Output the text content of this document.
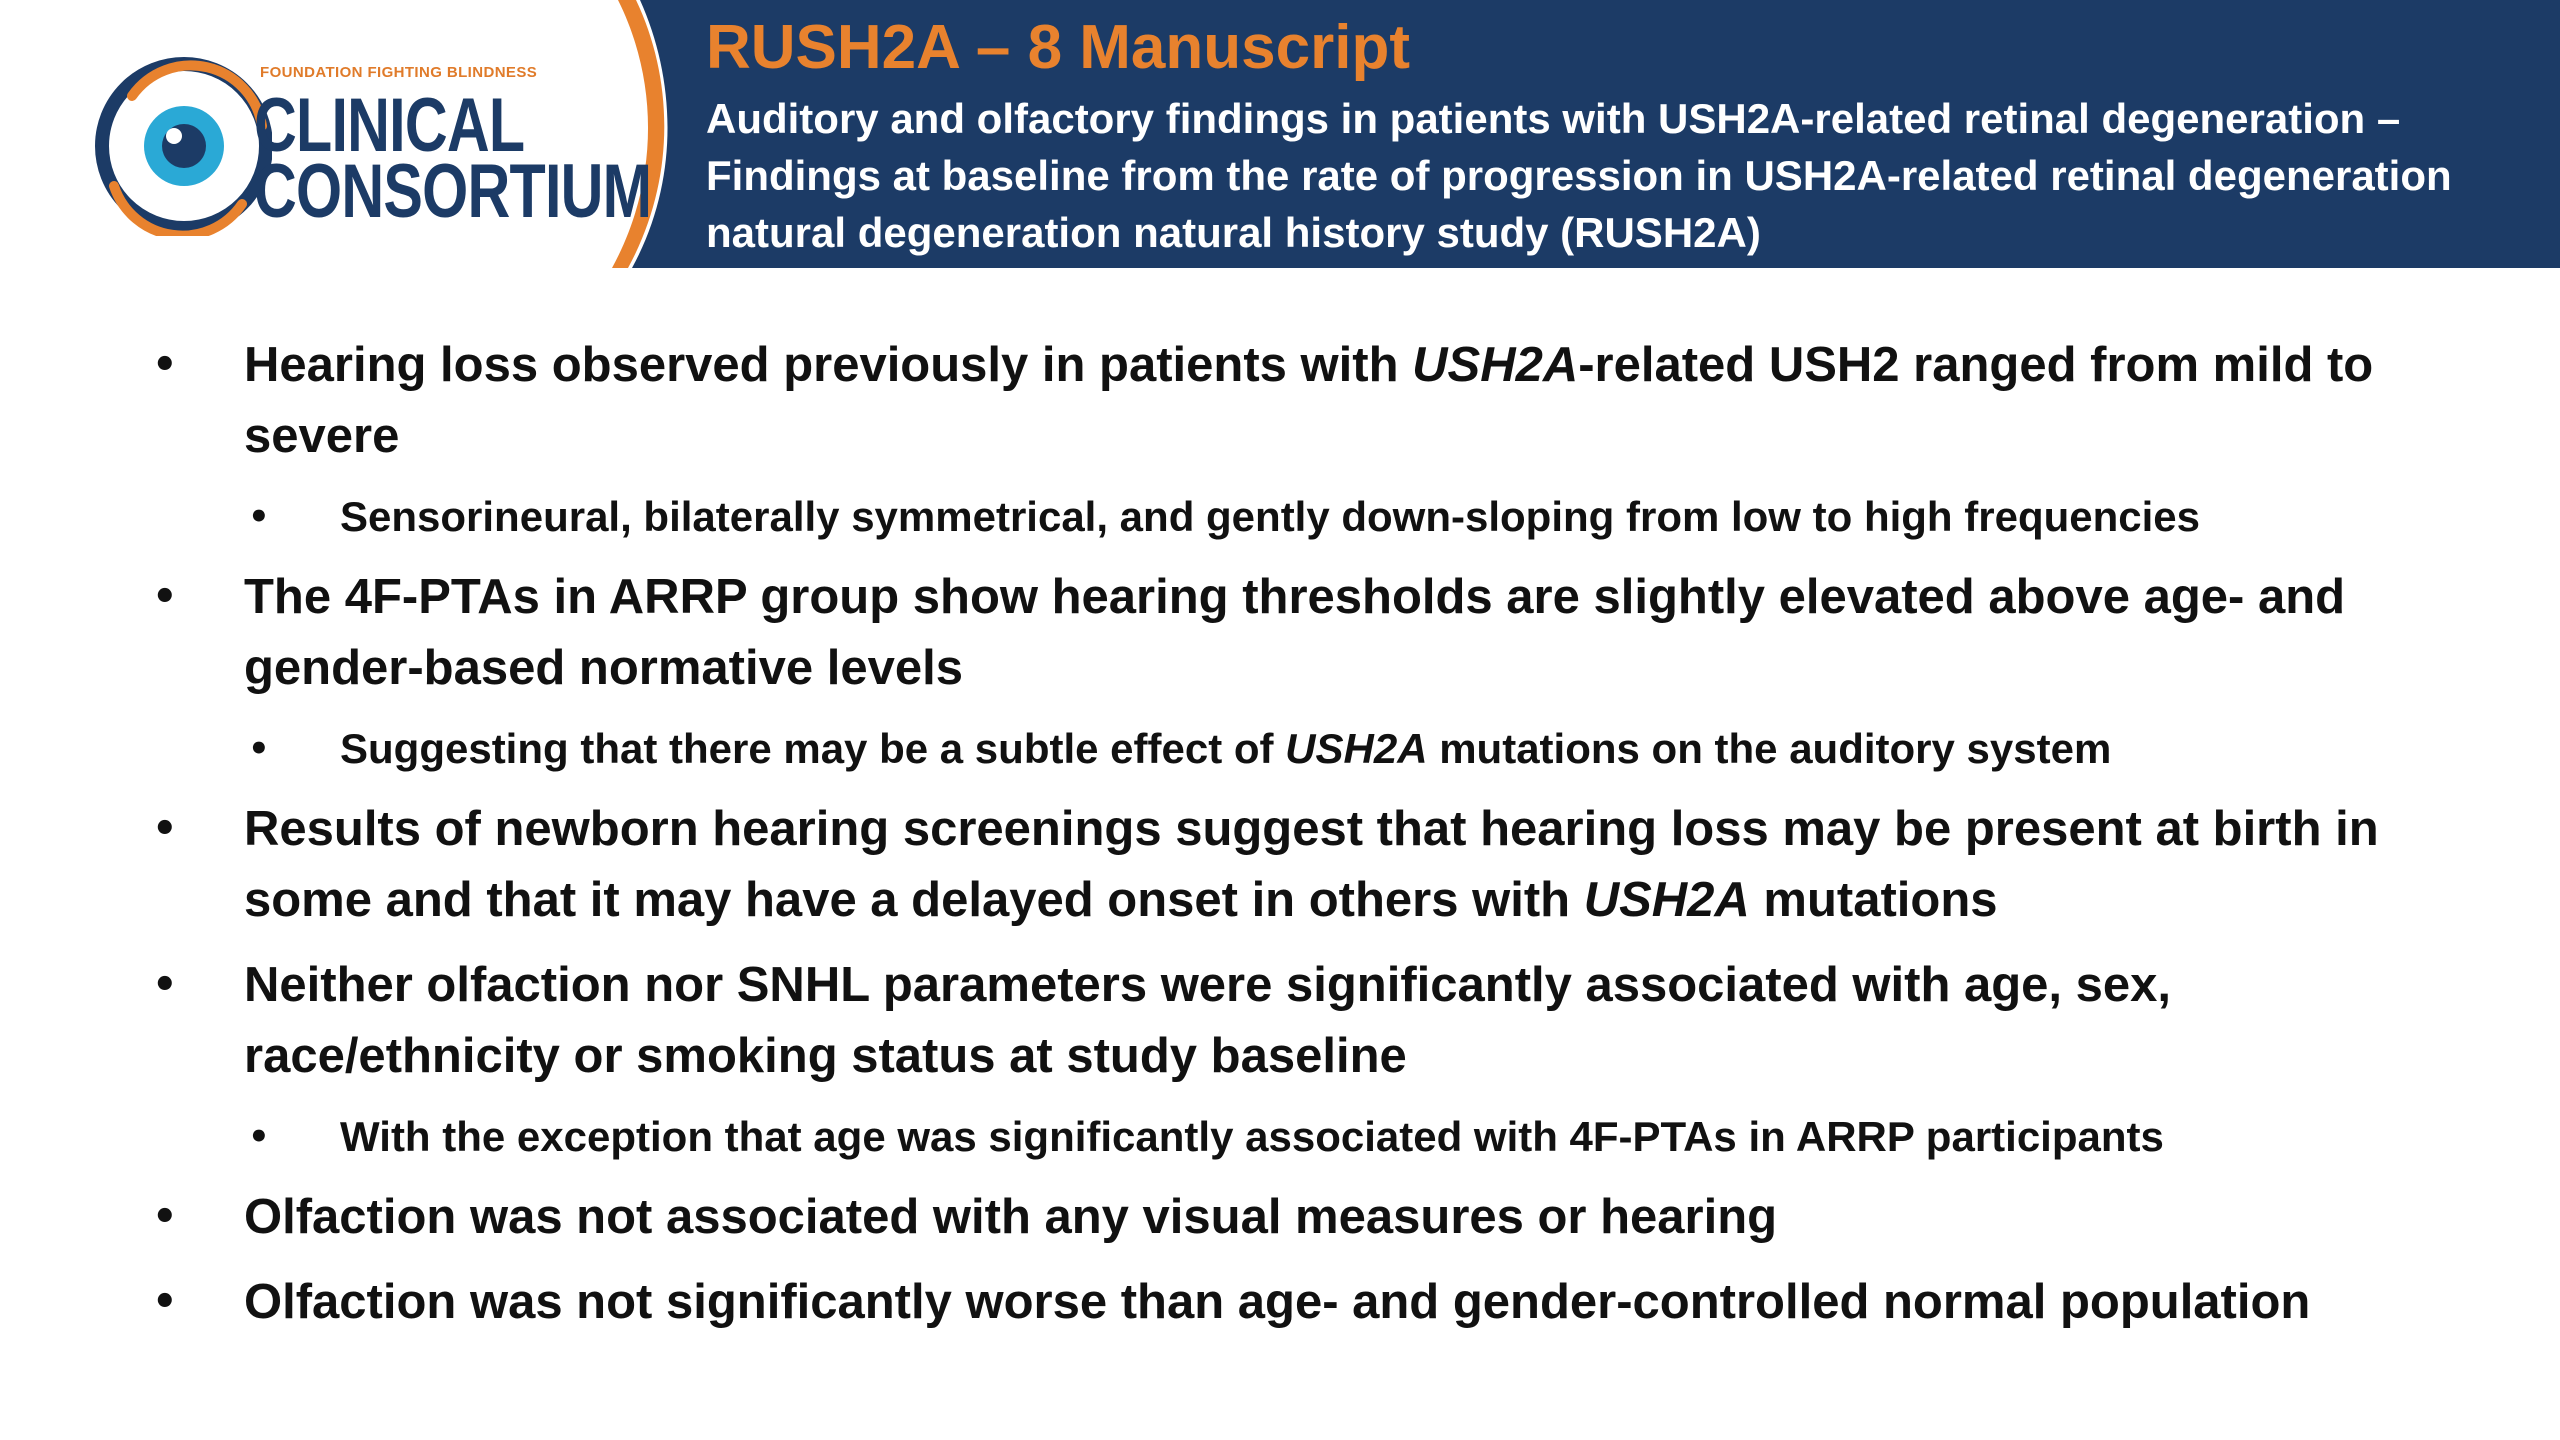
FOUNDATION FIGHTING BLINDNESS
CLINICAL
CONSORTIUM
RUSH2A – 8 Manuscript
Auditory and olfactory findings in patients with USH2A-related retinal degeneration – Findings at baseline from the rate of progression in USH2A-related retinal degeneration natural degeneration natural history study (RUSH2A)
• Hearing loss observed previously in patients with USH2A-related USH2 ranged from mild to severe
• Sensorineural, bilaterally symmetrical, and gently down-sloping from low to high frequencies
• The 4F-PTAs in ARRP group show hearing thresholds are slightly elevated above age- and gender-based normative levels
• Suggesting that there may be a subtle effect of USH2A mutations on the auditory system
• Results of newborn hearing screenings suggest that hearing loss may be present at birth in some and that it may have a delayed onset in others with USH2A mutations
• Neither olfaction nor SNHL parameters were significantly associated with age, sex, race/ethnicity or smoking status at study baseline
• With the exception that age was significantly associated with 4F-PTAs in ARRP participants
• Olfaction was not associated with any visual measures or hearing
• Olfaction was not significantly worse than age- and gender-controlled normal population
